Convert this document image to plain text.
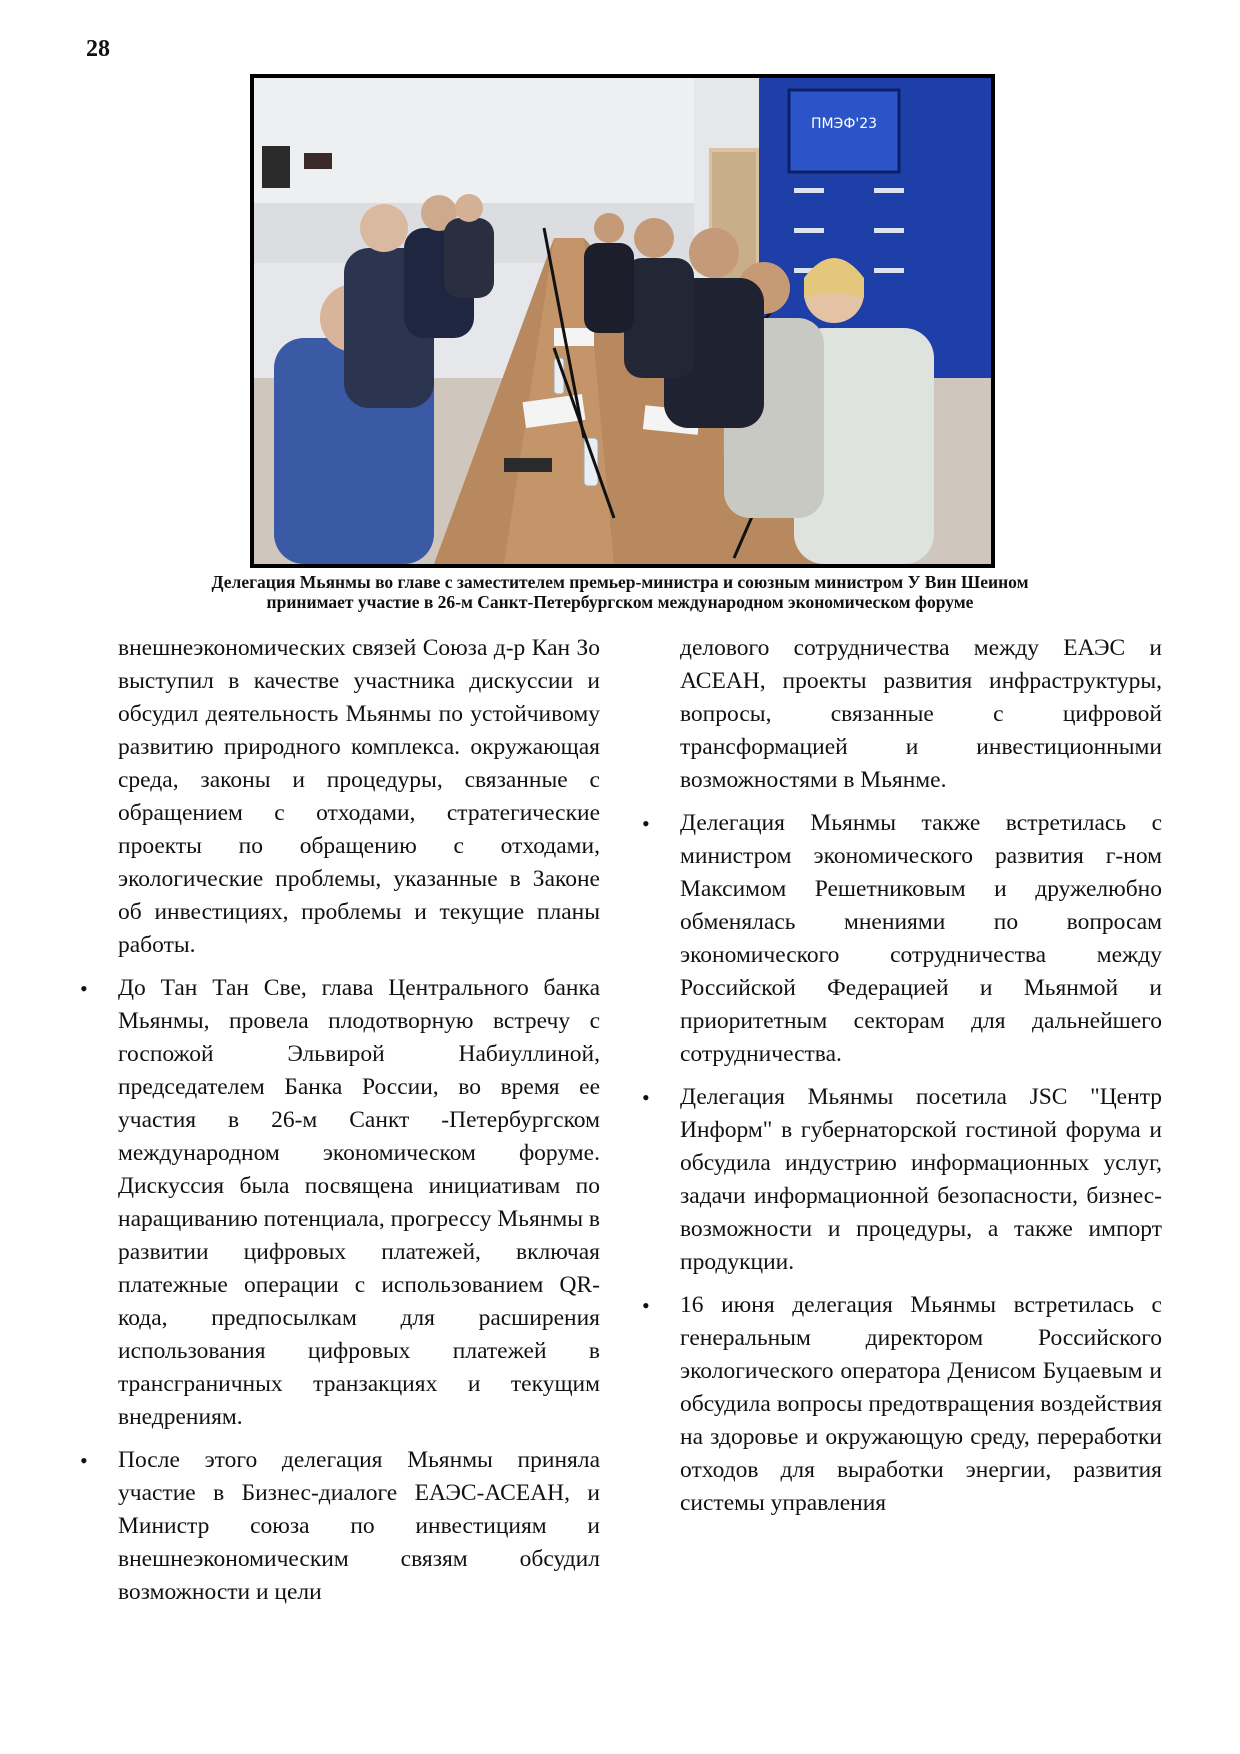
28
ПМЭФ'23
Делегация Мьянмы во главе с заместителем премьер-министра и союзным министром У Вин Шеином
принимает участие в 26-м Санкт-Петербургском международном экономическом форуме

внешнеэкономических связей Союза д-р Кан Зо выступил в качестве участника дискуссии и обсудил деятельность Мьянмы по устойчивому развитию природного комплекса. окружающая среда, законы и процедуры, связанные с обращением с отходами, стратегические проекты по обращению с отходами, экологические проблемы, указанные в Законе об инвестициях, проблемы и текущие планы работы.

• До Тан Тан Све, глава Центрального банка Мьянмы, провела плодотворную встречу с госпожой Эльвирой Набиуллиной, председателем Банка России, во время ее участия в 26-м Санкт -Петербургском международном экономическом форуме. Дискуссия была посвящена инициативам по наращиванию потенциала, прогрессу Мьянмы в развитии цифровых платежей, включая платежные операции с использованием QR-кода, предпосылкам для расширения использования цифровых платежей в трансграничных транзакциях и текущим внедрениям.
• После этого делегация Мьянмы приняла участие в Бизнес-диалоге ЕАЭС-АСЕАН, и Министр союза по инвестициям и внешнеэкономическим связям обсудил возможности и цели

делового сотрудничества между ЕАЭС и АСЕАН, проекты развития инфраструктуры, вопросы, связанные с цифровой трансформацией и инвестиционными возможностями в Мьянме.

• Делегация Мьянмы также встретилась с министром экономического развития г-ном Максимом Решетниковым и дружелюбно обменялась мнениями по вопросам экономического сотрудничества между Российской Федерацией и Мьянмой и приоритетным секторам для дальнейшего сотрудничества.
• Делегация Мьянмы посетила JSC "Центр Информ" в губернаторской гостиной форума и обсудила индустрию информационных услуг, задачи информационной безопасности, бизнес-возможности и процедуры, а также импорт продукции.
• 16 июня делегация Мьянмы встретилась с генеральным директором Российского экологического оператора Денисом Буцаевым и обсудила вопросы предотвращения воздействия на здоровье и окружающую среду, переработки отходов для выработки энергии, развития системы управления
